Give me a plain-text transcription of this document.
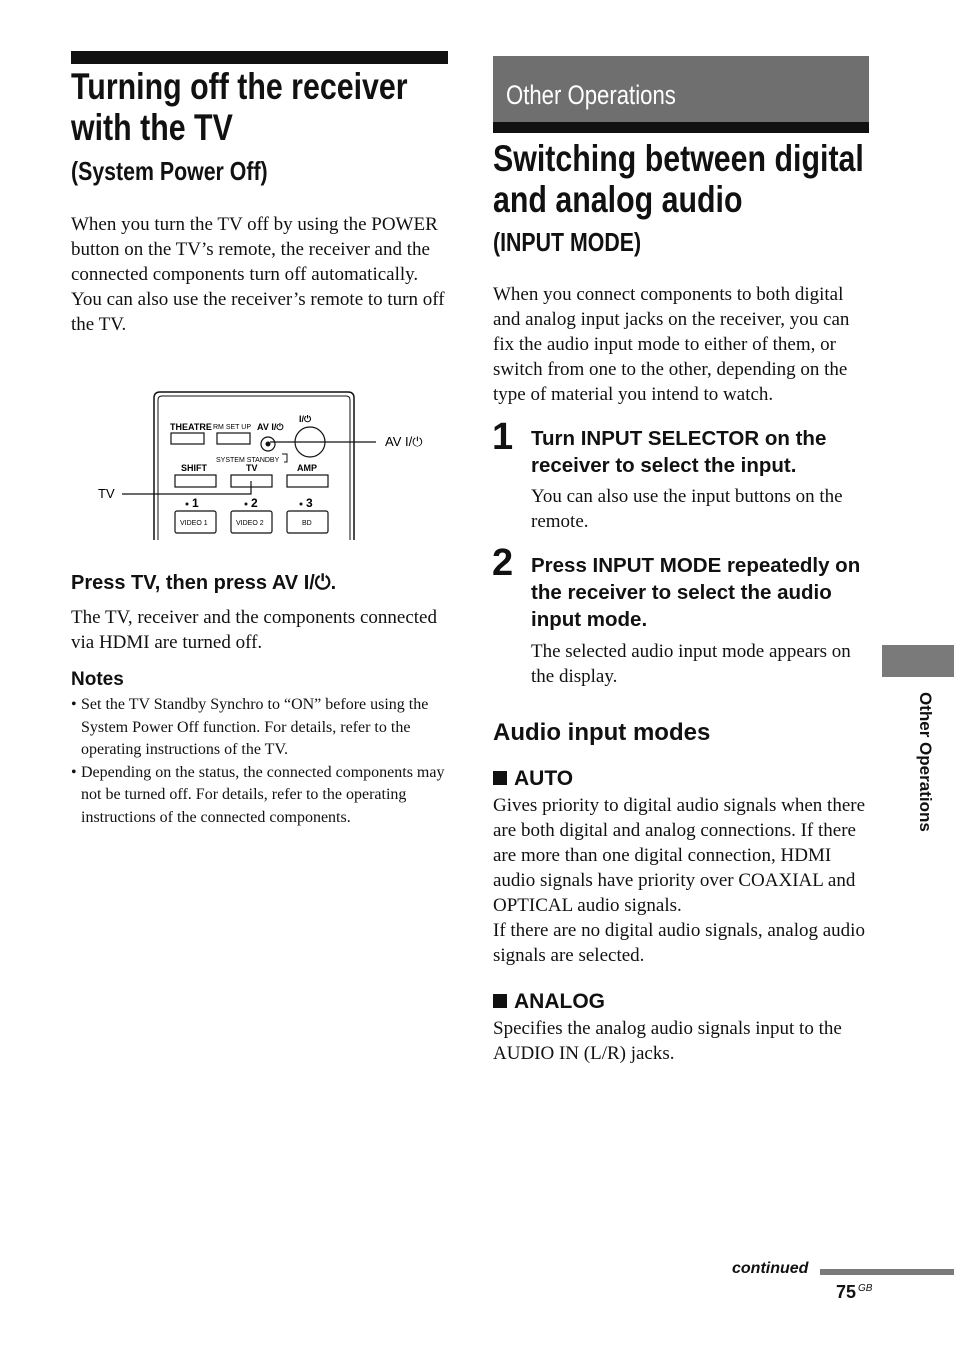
Turning off the receiver with the TV
(System Power Off)

When you turn the TV off by using the POWER button on the TV’s remote, the receiver and the connected components turn off automatically.

You can also use the receiver’s remote to turn off the TV.

THEATRE RM SET UP AV I/⏻
I/⏻
SYSTEM STANDBY
SHIFT	TV	AMP
1	2	3
VIDEO 1	VIDEO 2	BD
AV I/⏻
TV
Press TV, then press AV I/⏻.
The TV, receiver and the components connected via HDMI are turned off.
Notes
• Set the TV Standby Synchro to “ON” before using the System Power Off function. For details, refer to the operating instructions of the TV.
• Depending on the status, the connected components may not be turned off. For details, refer to the operating instructions of the connected components.
Other Operations
Switching between digital and analog audio
(INPUT MODE)
When you connect components to both digital and analog input jacks on the receiver, you can fix the audio input mode to either of them, or switch from one to the other, depending on the type of material you intend to watch.
1 Turn INPUT SELECTOR on the receiver to select the input.
You can also use the input buttons on the remote.
2 Press INPUT MODE repeatedly on the receiver to select the audio input mode.
The selected audio input mode appears on the display.
Audio input modes
AUTO

Gives priority to digital audio signals when there are both digital and analog connections. If there are more than one digital connection, HDMI audio signals have priority over COAXIAL and OPTICAL audio signals.

If there are no digital audio signals, analog audio signals are selected.

ANALOG
Specifies the analog audio signals input to the AUDIO IN (L/R) jacks.
Other Operations
continued
75 $^{GB}$
